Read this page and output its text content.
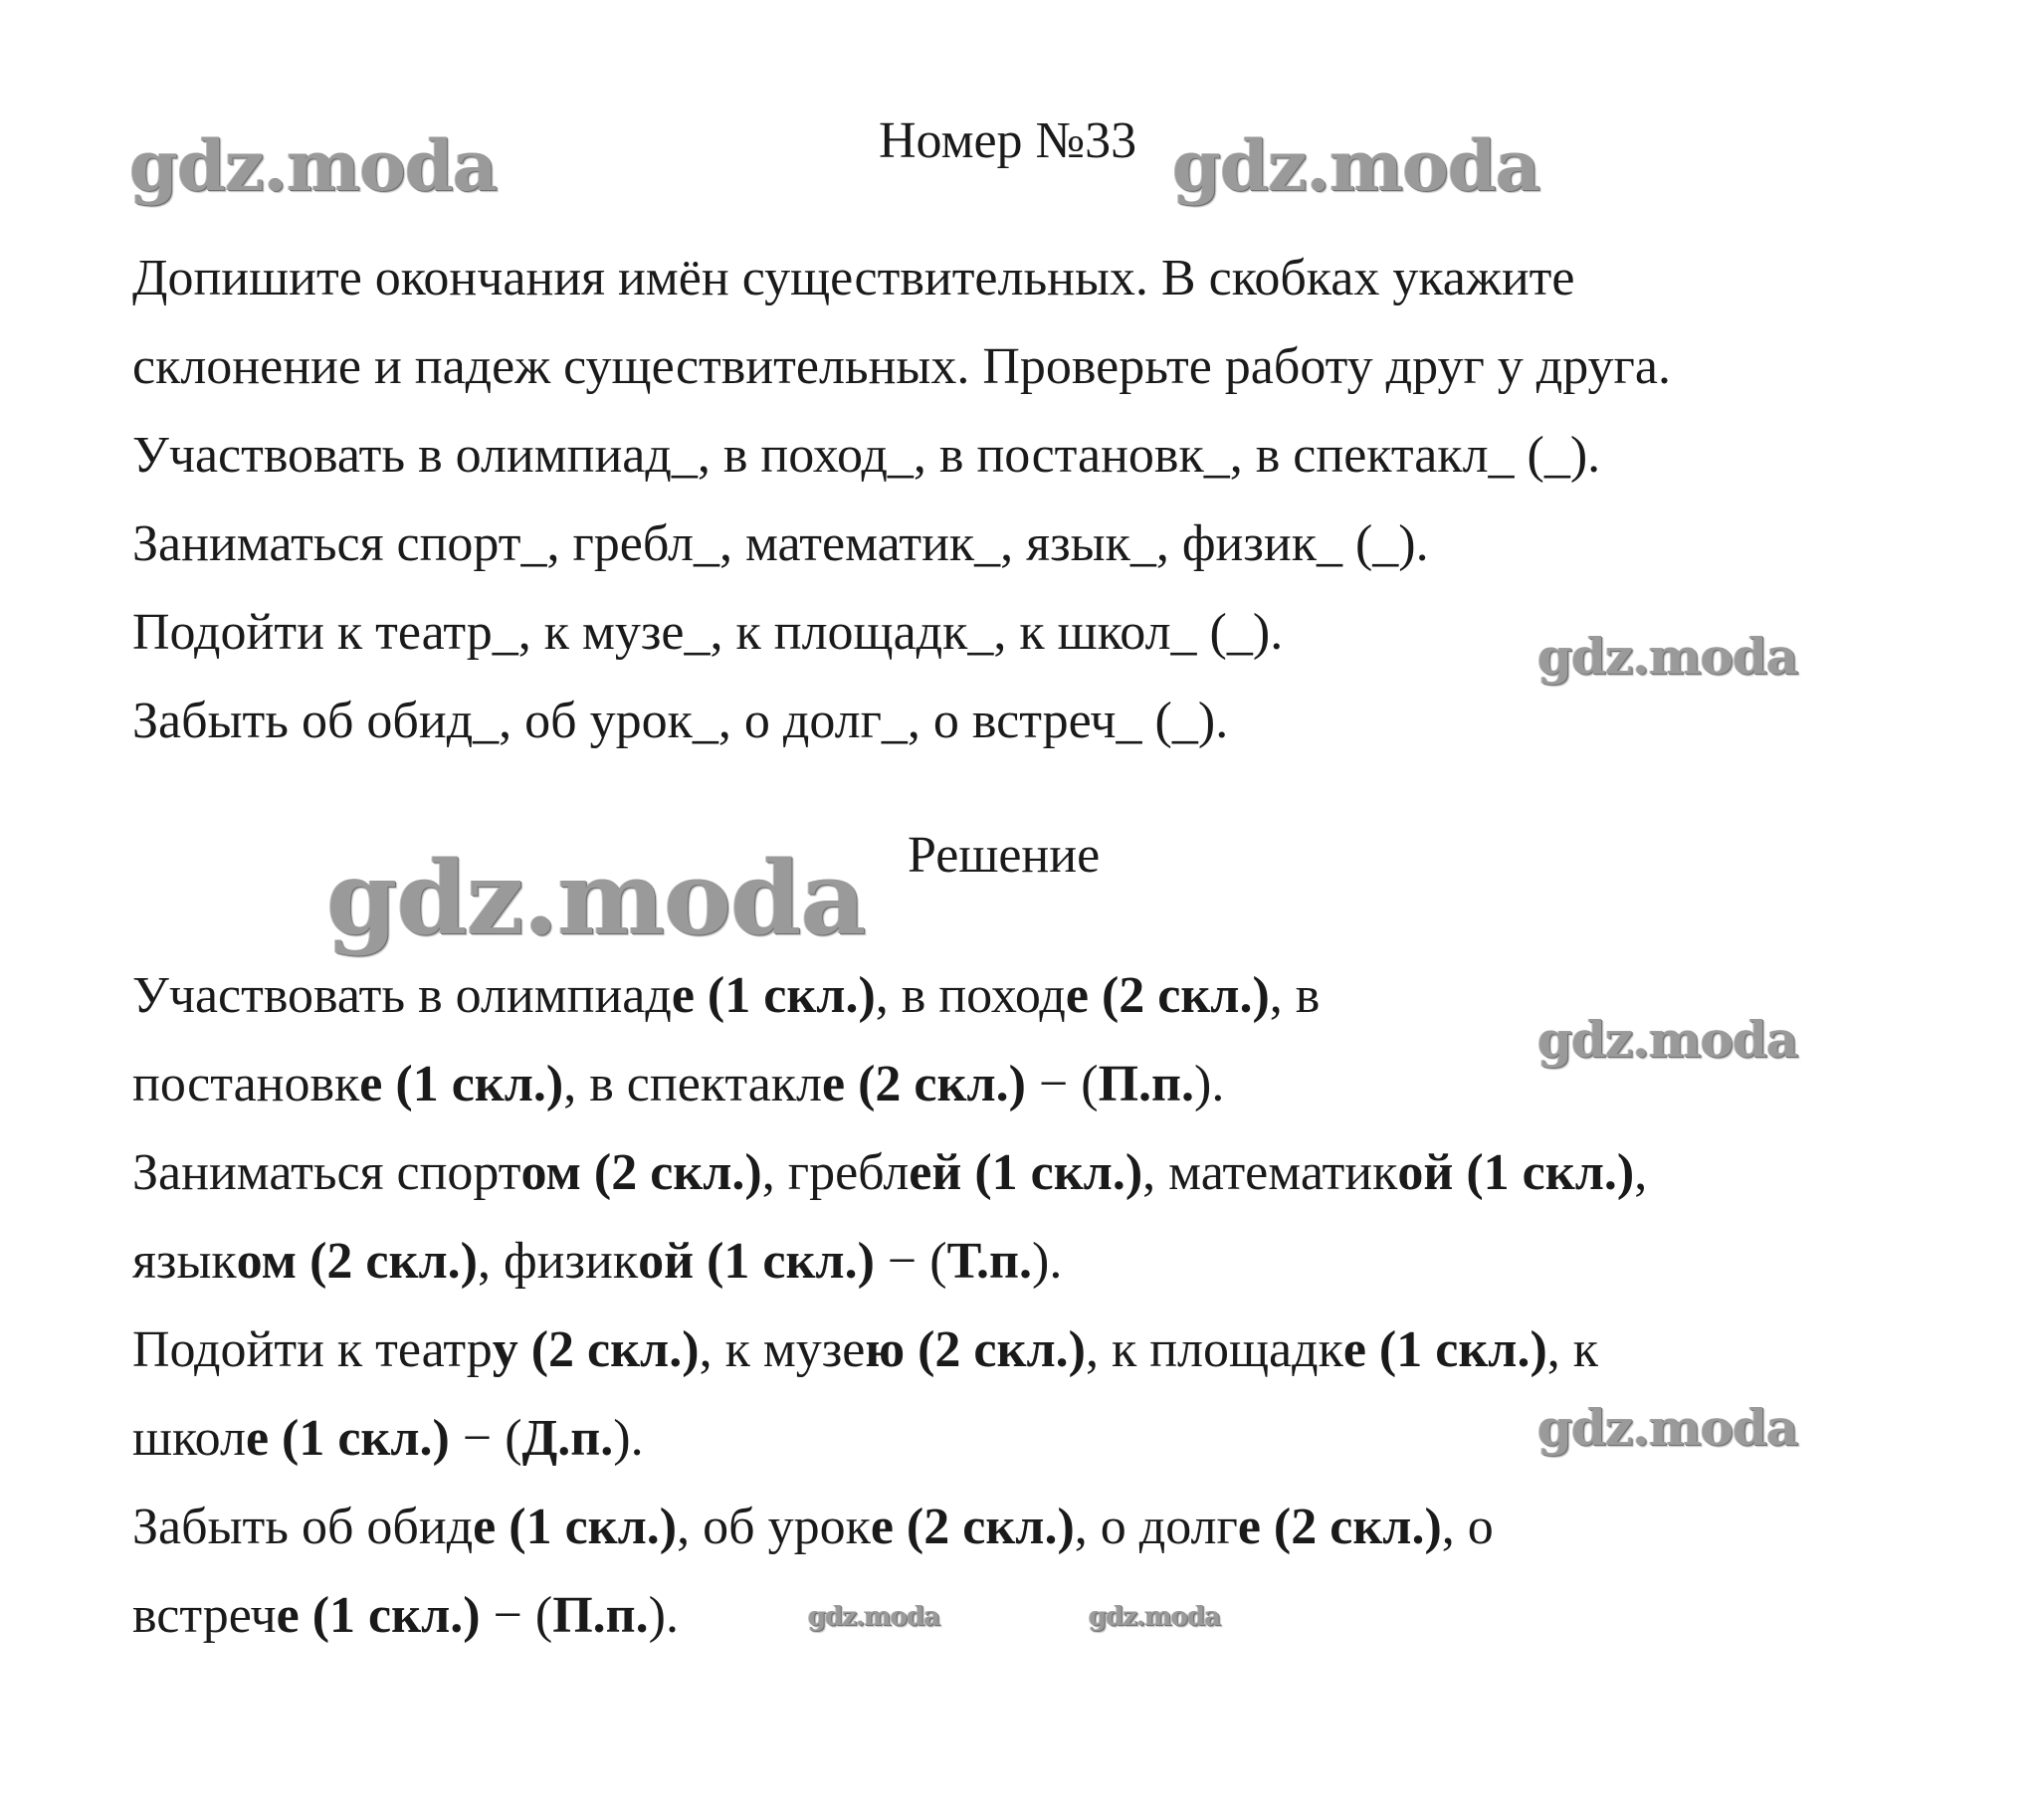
Номер №33
Допишите окончания имён существительных. В скобках укажите
склонение и падеж существительных. Проверьте работу друг у друга.
Участвовать в олимпиад_, в поход_, в постановк_, в спектакл_ (_).
Заниматься спорт_, гребл_, математик_, язык_, физик_ (_).
Подойти к театр_, к музе_, к площадк_, к школ_ (_).
Забыть об обид_, об урок_, о долг_, о встреч_ (_).
Решение
Участвовать в олимпиаде (1 скл.), в походе (2 скл.), в
постановке (1 скл.), в спектакле (2 скл.) − (П.п.).
Заниматься спортом (2 скл.), греблей (1 скл.), математикой (1 скл.),
языком (2 скл.), физикой (1 скл.) − (Т.п.).
Подойти к театру (2 скл.), к музею (2 скл.), к площадке (1 скл.), к
школе (1 скл.) − (Д.п.).
Забыть об обиде (1 скл.), об уроке (2 скл.), о долге (2 скл.), о
встрече (1 скл.) − (П.п.).
gdz.moda	gdz.moda
gdz.moda
gdz.moda
gdz.moda
gdz.moda
gdz.moda	gdz.moda
